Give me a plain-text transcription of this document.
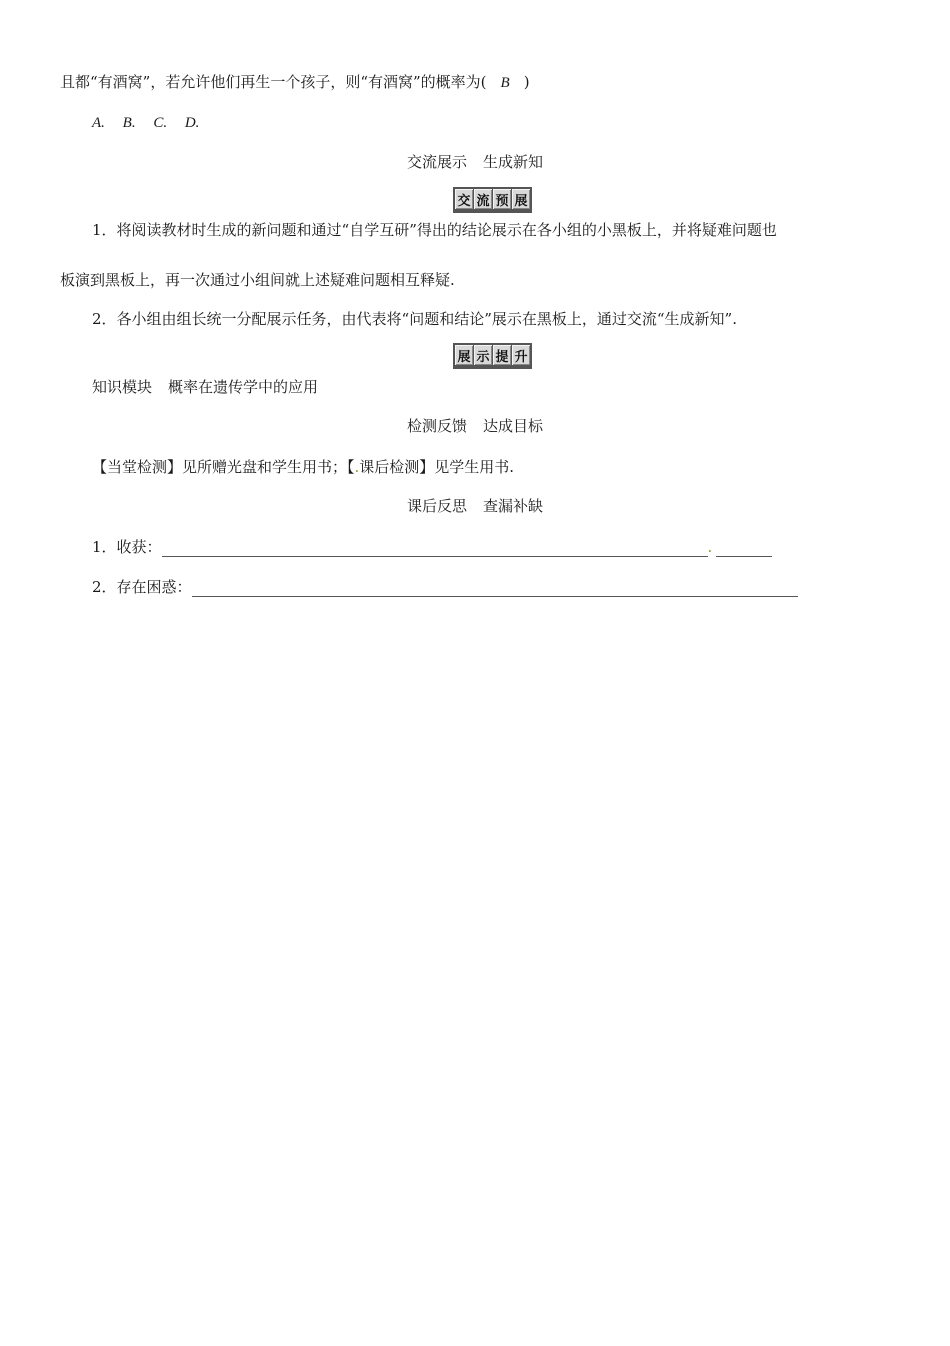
且都“有酒窝”，若允许他们再生一个孩子，则“有酒窝”的概率为( B )
A. B. C. D.
交流展示 生成新知
交 流 预 展
1．将阅读教材时生成的新问题和通过“自学互研”得出的结论展示在各小组的小黑板上，并将疑难问题也
板演到黑板上，再一次通过小组间就上述疑难问题相互释疑.
2．各小组由组长统一分配展示任务，由代表将“问题和结论”展示在黑板上，通过交流“生成新知”.
展 示 提 升
知识模块 概率在遗传学中的应用
检测反馈 达成目标
【当堂检测】见所赠光盘和学生用书；【.课后检测】见学生用书.
课后反思 查漏补缺
1．收获：	.
2．存在困惑：
